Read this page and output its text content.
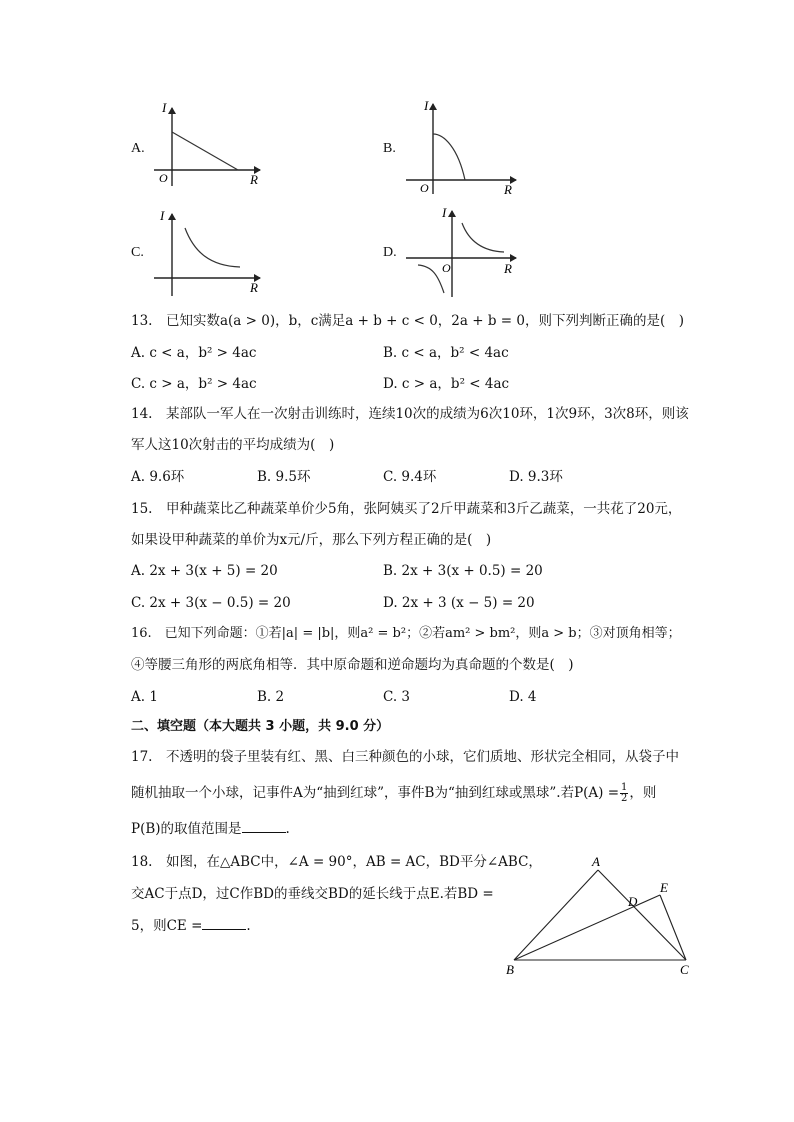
A.
I
R
O
B.
I
R
O
C.
I
R
D.
I
R
O
13.　已知实数a(a > 0)，b，c满足a + b + c < 0，2a + b = 0，则下列判断正确的是(　)
A. c < a，b² > 4ac	B. c < a，b² < 4ac
C. c > a，b² > 4ac	D. c > a，b² < 4ac
14.　某部队一军人在一次射击训练时，连续10次的成绩为6次10环，1次9环，3次8环，则该
军人这10次射击的平均成绩为(　)
A. 9.6环	B. 9.5环	C. 9.4环	D. 9.3环
15.　甲种蔬菜比乙种蔬菜单价少5角，张阿姨买了2斤甲蔬菜和3斤乙蔬菜，一共花了20元，
如果设甲种蔬菜的单价为x元/斤，那么下列方程正确的是(　)
A. 2x + 3(x + 5) = 20	B. 2x + 3(x + 0.5) = 20
C. 2x + 3(x − 0.5) = 20	D. 2x + 3 (x − 5) = 20
16.　已知下列命题：①若|a| = |b|，则a² = b²；②若am² > bm²，则a > b；③对顶角相等；
④等腰三角形的两底角相等．其中原命题和逆命题均为真命题的个数是(　)
A. 1	B. 2	C. 3	D. 4
二、填空题（本大题共 3 小题，共 9.0 分）
17.　不透明的袋子里装有红、黑、白三种颜色的小球，它们质地、形状完全相同，从袋子中
随机抽取一个小球，记事件A为“抽到红球”，事件B为“抽到红球或黑球”.若$P(A) = \frac{1}{2}$ ，则
P(B)的取值范围是	.
18.　如图，在△ABC中，∠A = 90°，AB = AC，BD平分∠ABC，
交AC于点D，过C作BD的垂线交BD的延长线于点E.若BD =
5，则CE =	.
A
B	C
D
E
